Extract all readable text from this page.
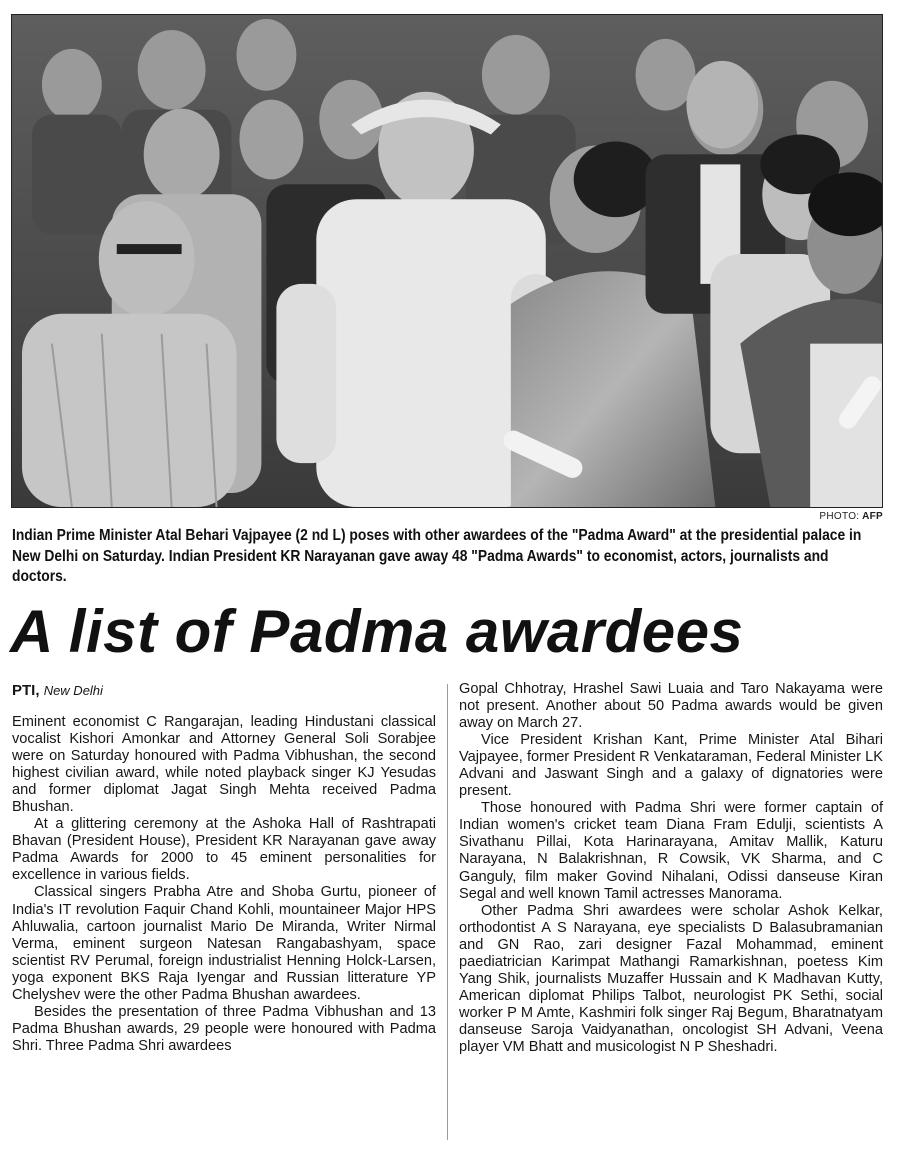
PHOTO: AFP
Indian Prime Minister Atal Behari Vajpayee (2 nd L) poses with other awardees of the "Padma Award" at the presidential palace in New Delhi on Saturday. Indian President KR Narayanan gave away 48 "Padma Awards" to economist, actors, journalists and doctors.
A list of Padma awardees
PTI, New Delhi

Eminent economist C Rangarajan, leading Hindustani classical vocalist Kishori Amonkar and Attorney General Soli Sorabjee were on Saturday honoured with Padma Vibhushan, the second highest civilian award, while noted playback singer KJ Yesudas and former diplomat Jagat Singh Mehta received Padma Bhushan.

At a glittering ceremony at the Ashoka Hall of Rashtrapati Bhavan (President House), President KR Narayanan gave away Padma Awards for 2000 to 45 eminent personalities for excellence in various fields.

Classical singers Prabha Atre and Shoba Gurtu, pioneer of India's IT revolution Faquir Chand Kohli, mountaineer Major HPS Ahluwalia, cartoon journalist Mario De Miranda, Writer Nirmal Verma, eminent surgeon Natesan Rangabashyam, space scientist RV Perumal, foreign industrialist Henning Holck-Larsen, yoga exponent BKS Raja Iyengar and Russian litterature YP Chelyshev were the other Padma Bhushan awardees.

Besides the presentation of three Padma Vibhushan and 13 Padma Bhushan awards, 29 people were honoured with Padma Shri. Three Padma Shri awardees

Gopal Chhotray, Hrashel Sawi Luaia and Taro Nakayama were not present. Another about 50 Padma awards would be given away on March 27.

Vice President Krishan Kant, Prime Minister Atal Bihari Vajpayee, former President R Venkataraman, Federal Minister LK Advani and Jaswant Singh and a galaxy of dignatories were present.

Those honoured with Padma Shri were former captain of Indian women's cricket team Diana Fram Edulji, scientists A Sivathanu Pillai, Kota Harinarayana, Amitav Mallik, Katuru Narayana, N Balakrishnan, R Cowsik, VK Sharma, and C Ganguly, film maker Govind Nihalani, Odissi danseuse Kiran Segal and well known Tamil actresses Manorama.

Other Padma Shri awardees were scholar Ashok Kelkar, orthodontist A S Narayana, eye specialists D Balasubramanian and GN Rao, zari designer Fazal Mohammad, eminent paediatrician Karimpat Mathangi Ramarkishnan, poetess Kim Yang Shik, journalists Muzaffer Hussain and K Madhavan Kutty, American diplomat Philips Talbot, neurologist PK Sethi, social worker P M Amte, Kashmiri folk singer Raj Begum, Bharatnatyam danseuse Saroja Vaidyanathan, oncologist SH Advani, Veena player VM Bhatt and musicologist N P Sheshadri.
